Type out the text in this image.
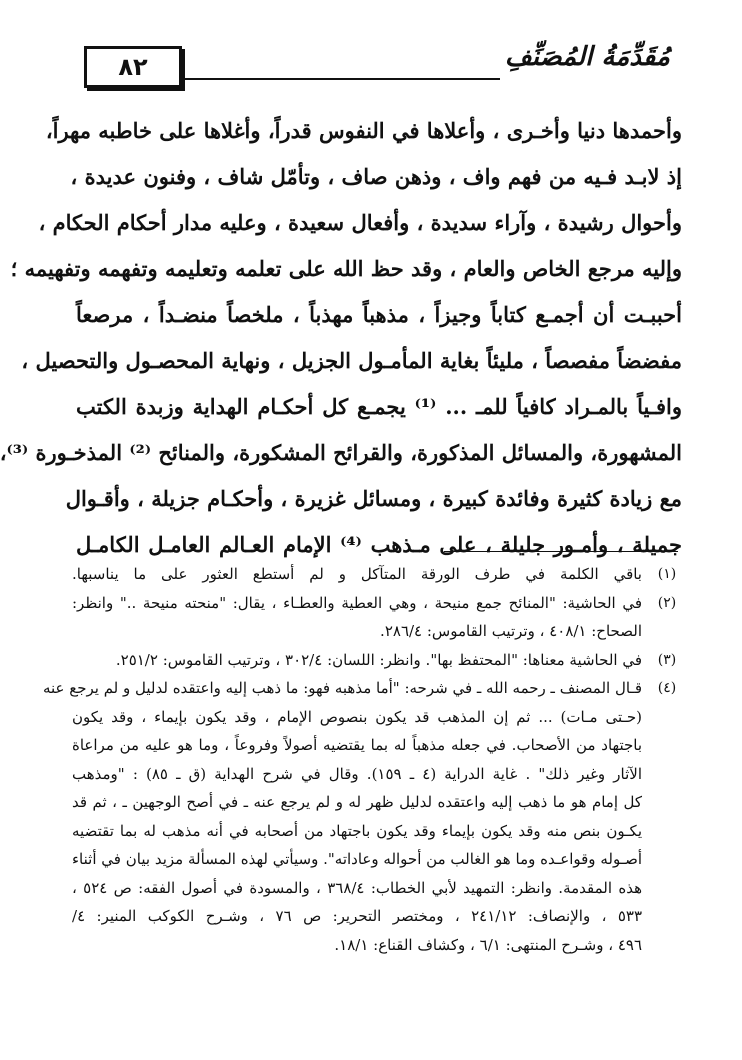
٨٢	مُقَدِّمَةُ المُصَنِّفِ
وأحمدها دنيا وأخـرى ، وأعلاها في النفوس قدراً، وأغلاها على خاطبه مهراً،
إذ لابـد فـيه من فهم واف ، وذهن صاف ، وتأمّل شاف ، وفنون عديدة ،
وأحوال رشيدة ، وآراء سديدة ، وأفعال سعيدة ، وعليه مدار أحكام الحكام ،
وإليه مرجع الخاص والعام ، وقد حظ الله على تعلمه وتعليمه وتفهمه وتفهيمه ؛
أحببـت أن أجمـع كتاباً وجيزاً ، مذهباً مهذباً ، ملخصاً منضـداً ، مرصعاً
مفضضاً مفصصاً ، مليئاً بغاية المأمـول الجزيل ، ونهاية المحصـول والتحصيل ،
وافـياً بالمـراد كافياً للمـ ... ⁽¹⁾ يجمـع كل أحكـام الهداية وزبدة الكتب
المشهورة، والمسائل المذكورة، والقرائح المشكورة، والمنائح ⁽²⁾ المذخـورة ⁽³⁾،
مع زيادة كثيرة وفائدة كبيرة ، ومسائل غزيرة ، وأحكـام جزيلة ، وأقـوال
جميلة ، وأمـور جليلة ، على مـذهب ⁽⁴⁾ الإمام العـالم العامـل الكامـل
(١)
باقي الكلمة في طرف الورقة المتآكل و لم أستطع العثور على ما يناسبها.
(٢)
في الحاشية: "المنائح جمع منيحة ، وهي العطية والعطـاء ، يقال: "منحته منيحة .." وانظر:
الصحاح: ٤٠٨/١ ، وترتيب القاموس: ٢٨٦/٤.
(٣)
في الحاشية معناها: "المحتفظ بها". وانظر: اللسان: ٣٠٢/٤ ، وترتيب القاموس: ٢٥١/٢.
(٤)
قـال المصنف ـ رحمه الله ـ في شرحه: "أما مذهبه فهو: ما ذهب إليه واعتقده لدليل و لم يرجع عنه
(حـتى مـات) ... ثم إن المذهب قد يكون بنصوص الإمام ، وقد يكون بإيماء ، وقد يكون
باجتهاد من الأصحاب. في جعله مذهباً له بما يقتضيه أصولاً وفروعاً ، وما هو عليه من مراعاة
الآثار وغير ذلك" . غاية الدراية (٤ ـ ١٥٩). وقال في شرح الهداية (ق ـ ٨٥) : "ومذهب
كل إمام هو ما ذهب إليه واعتقده لدليل ظهر له و لم يرجع عنه ـ في أصح الوجهين ـ ، ثم قد
يكـون بنص منه وقد يكون بإيماء وقد يكون باجتهاد من أصحابه في أنه مذهب له بما تقتضيه
أصـوله وقواعـده وما هو الغالب من أحواله وعاداته". وسيأتي لهذه المسألة مزيد بيان في أثناء
هذه المقدمة. وانظر: التمهيد لأبي الخطاب: ٣٦٨/٤ ، والمسودة في أصول الفقه: ص ٥٢٤ ،
٥٣٣ ، والإنصاف: ٢٤١/١٢ ، ومختصر التحرير: ص ٧٦ ، وشـرح الكوكب المنير: ٤/
٤٩٦ ، وشـرح المنتهى: ٦/١ ، وكشاف القناع: ١٨/١.
